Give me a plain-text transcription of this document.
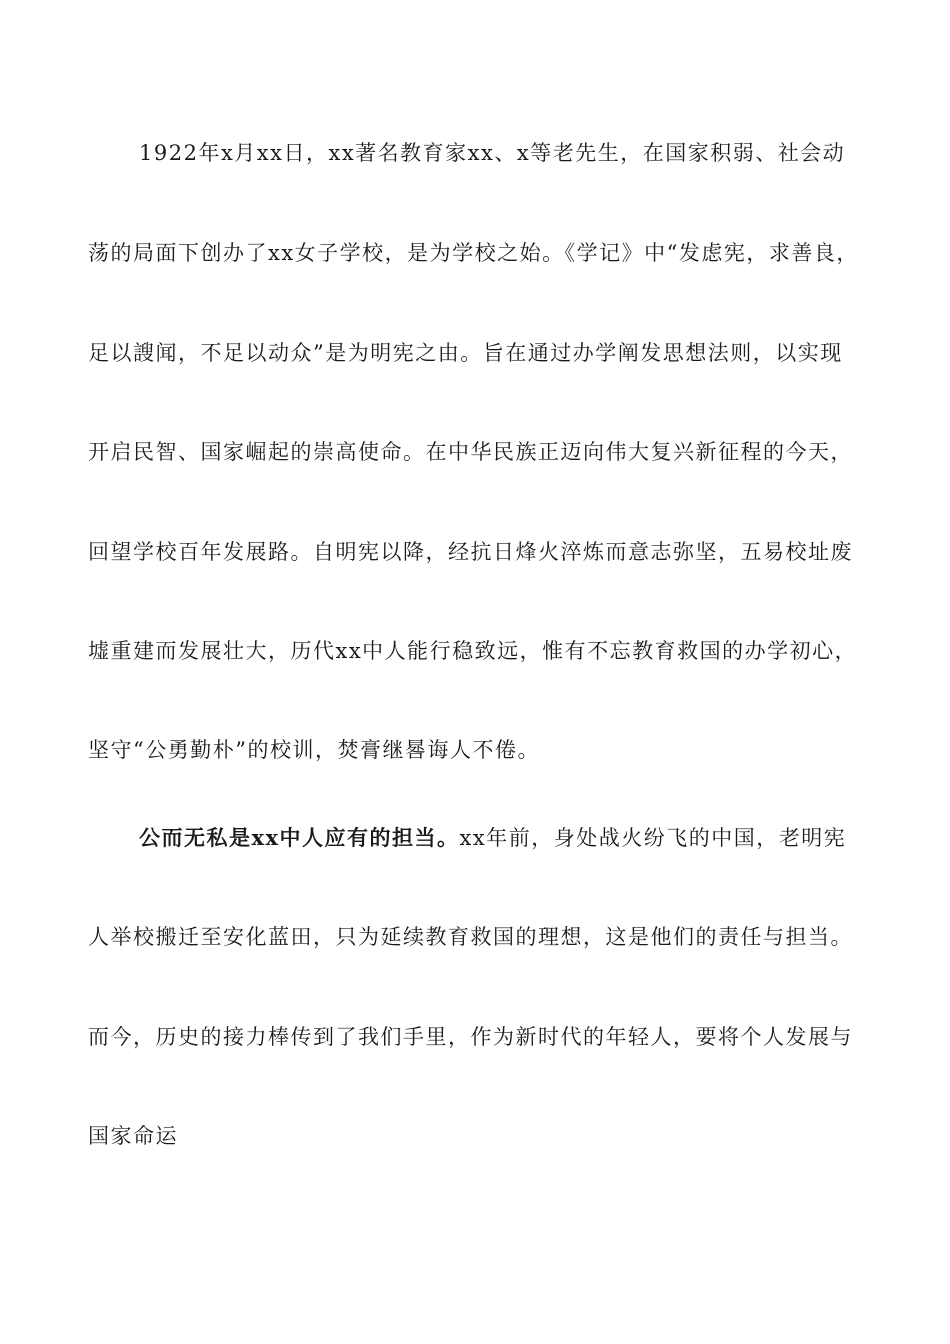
1922年x月xx日，xx著名教育家xx、x等老先生，在国家积弱、社会动
荡的局面下创办了xx女子学校，是为学校之始。《学记》中“发虑宪，求善良，
足以謏闻，不足以动众”是为明宪之由。旨在通过办学阐发思想法则，以实现
开启民智、国家崛起的崇高使命。在中华民族正迈向伟大复兴新征程的今天，
回望学校百年发展路。自明宪以降，经抗日烽火淬炼而意志弥坚，五易校址废
墟重建而发展壮大，历代xx中人能行稳致远，惟有不忘教育救国的办学初心，
坚守“公勇勤朴”的校训，焚膏继晷诲人不倦。
公而无私是xx中人应有的担当。xx年前，身处战火纷飞的中国，老明宪
人举校搬迁至安化蓝田，只为延续教育救国的理想，这是他们的责任与担当。
而今，历史的接力棒传到了我们手里，作为新时代的年轻人，要将个人发展与
国家命运
